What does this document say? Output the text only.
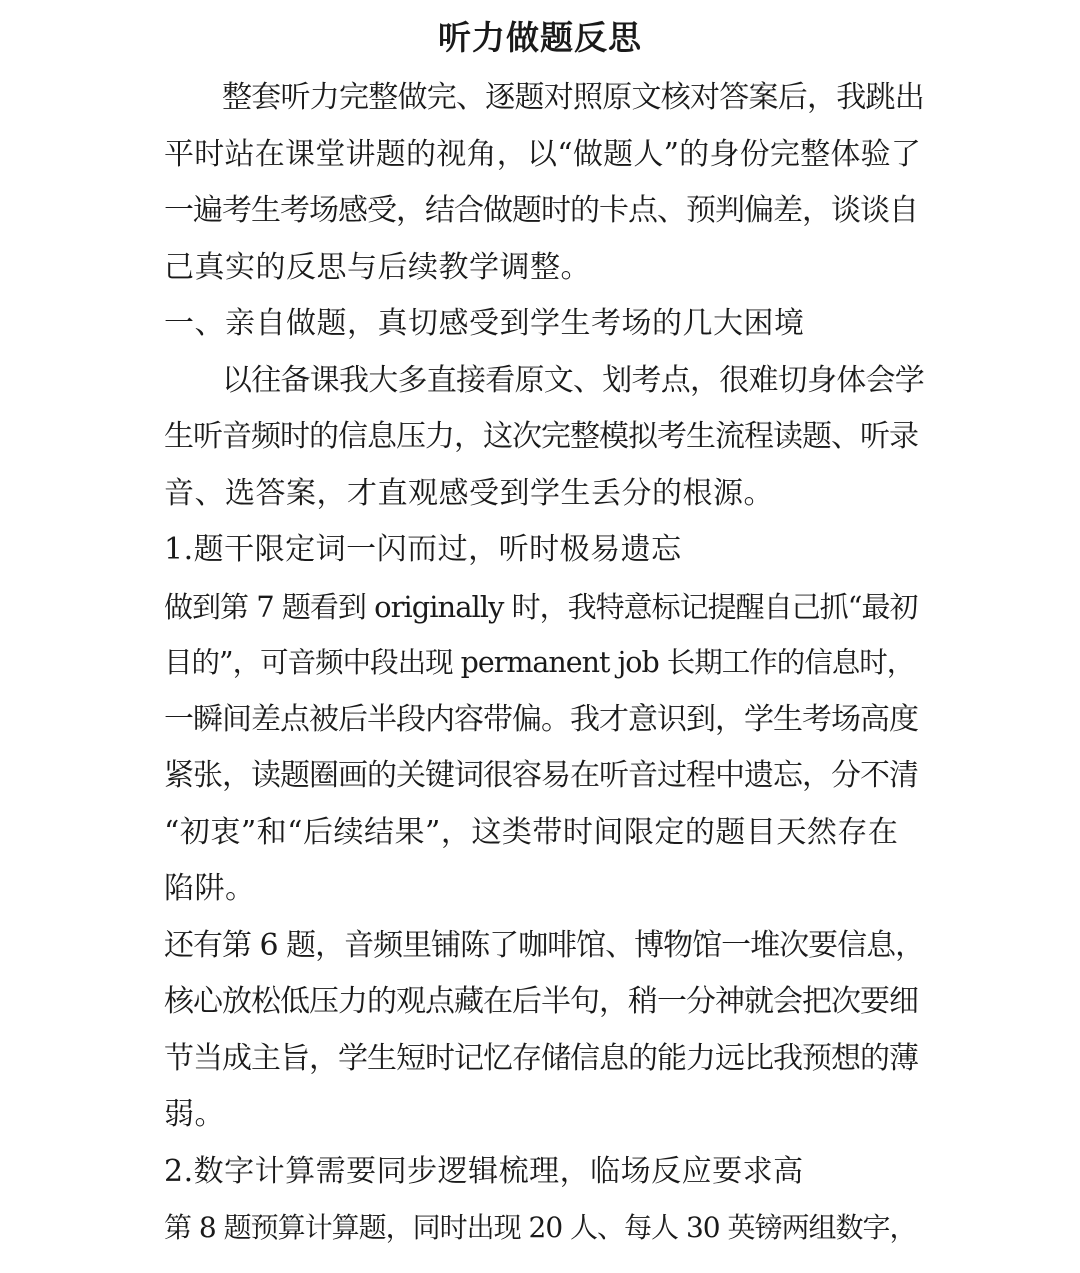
听力做题反思
整套听力完整做完、逐题对照原文核对答案后，我跳出
平时站在课堂讲题的视角，以“做题人”的身份完整体验了
一遍考生考场感受，结合做题时的卡点、预判偏差，谈谈自
己真实的反思与后续教学调整。
一、亲自做题，真切感受到学生考场的几大困境
以往备课我大多直接看原文、划考点，很难切身体会学
生听音频时的信息压力，这次完整模拟考生流程读题、听录
音、选答案，才直观感受到学生丢分的根源。
1.题干限定词一闪而过，听时极易遗忘
做到第 7 题看到 originally 时，我特意标记提醒自己抓“最初
目的”，可音频中段出现 permanent job 长期工作的信息时，
一瞬间差点被后半段内容带偏。我才意识到，学生考场高度
紧张，读题圈画的关键词很容易在听音过程中遗忘，分不清
“初衷”和“后续结果”，这类带时间限定的题目天然存在
陷阱。
还有第 6 题，音频里铺陈了咖啡馆、博物馆一堆次要信息，
核心放松低压力的观点藏在后半句，稍一分神就会把次要细
节当成主旨，学生短时记忆存储信息的能力远比我预想的薄
弱。
2.数字计算需要同步逻辑梳理，临场反应要求高
第 8 题预算计算题，同时出现 20 人、每人 30 英镑两组数字，
